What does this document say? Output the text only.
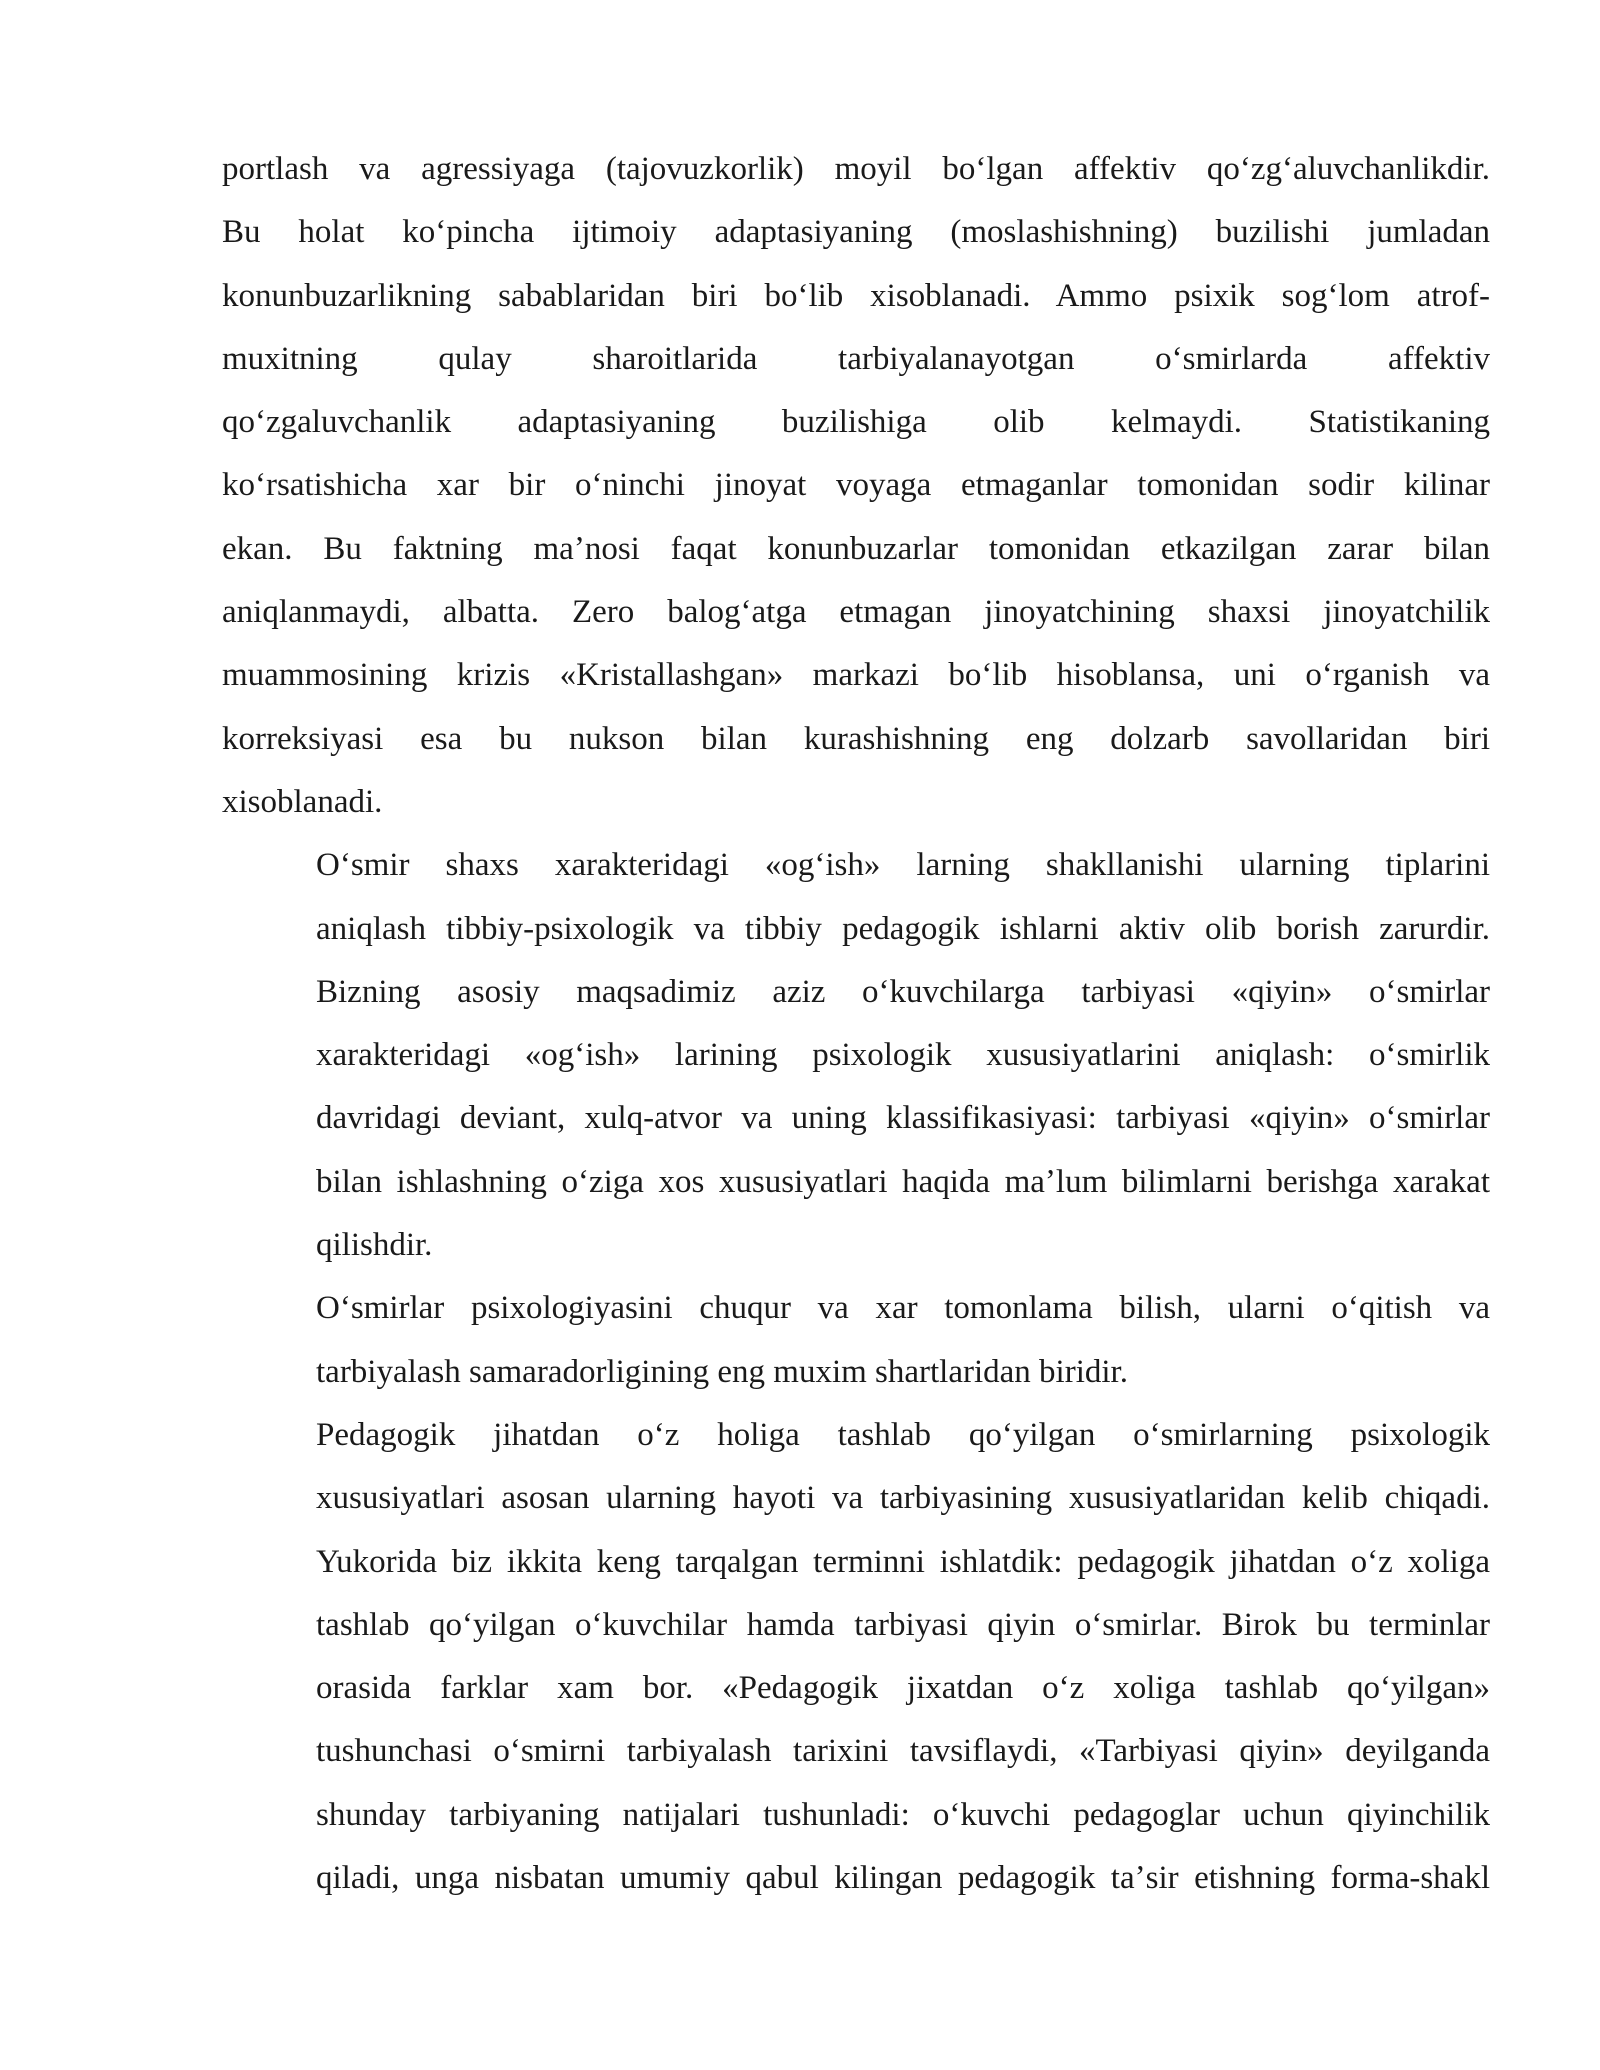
portlash va agressiyaga (tajovuzkorlik) moyil boʻlgan affektiv qoʻzgʻaluvchanlikdir.
Bu holat koʻpincha ijtimoiy adaptasiyaning (moslashishning) buzilishi jumladan
konunbuzarlikning sabablaridan biri boʻlib xisoblanadi. Ammo psixik sogʻlom atrof-
muxitning qulay sharoitlarida tarbiyalanayotgan oʻsmirlarda affektiv
qoʻzgaluvchanlik adaptasiyaning buzilishiga olib kelmaydi. Statistikaning
koʻrsatishicha xar bir oʻninchi jinoyat voyaga etmaganlar tomonidan sodir kilinar
ekan. Bu faktning maʼnosi faqat konunbuzarlar tomonidan etkazilgan zarar bilan
aniqlanmaydi, albatta. Zero balogʻatga etmagan jinoyatchining shaxsi jinoyatchilik
muammosining krizis «Kristallashgan» markazi boʻlib hisoblansa, uni oʻrganish va
korreksiyasi esa bu nukson bilan kurashishning eng dolzarb savollaridan biri
xisoblanadi.
Oʻsmir shaxs xarakteridagi «ogʻish» larning shakllanishi ularning tiplarini
aniqlash tibbiy-psixologik va tibbiy pedagogik ishlarni aktiv olib borish zarurdir.
Bizning asosiy maqsadimiz aziz oʻkuvchilarga tarbiyasi «qiyin» oʻsmirlar
xarakteridagi «ogʻish» larining psixologik xususiyatlarini aniqlash: oʻsmirlik
davridagi deviant, xulq-atvor va uning klassifikasiyasi: tarbiyasi «qiyin» oʻsmirlar
bilan ishlashning oʻziga xos xususiyatlari haqida maʼlum bilimlarni berishga xarakat
qilishdir.
Oʻsmirlar psixologiyasini chuqur va xar tomonlama bilish, ularni oʻqitish va
tarbiyalash samaradorligining eng muxim shartlaridan biridir.
Pedagogik jihatdan oʻz holiga tashlab qoʻyilgan oʻsmirlarning psixologik
xususiyatlari asosan ularning hayoti va tarbiyasining xususiyatlaridan kelib chiqadi.
Yukorida biz ikkita keng tarqalgan terminni ishlatdik: pedagogik jihatdan oʻz xoliga
tashlab qoʻyilgan oʻkuvchilar hamda tarbiyasi qiyin oʻsmirlar. Birok bu terminlar
orasida farklar xam bor. «Pedagogik jixatdan oʻz xoliga tashlab qoʻyilgan»
tushunchasi oʻsmirni tarbiyalash tarixini tavsiflaydi, «Tarbiyasi qiyin» deyilganda
shunday tarbiyaning natijalari tushunladi: oʻkuvchi pedagoglar uchun qiyinchilik
qiladi, unga nisbatan umumiy qabul kilingan pedagogik taʼsir etishning forma-shakl
